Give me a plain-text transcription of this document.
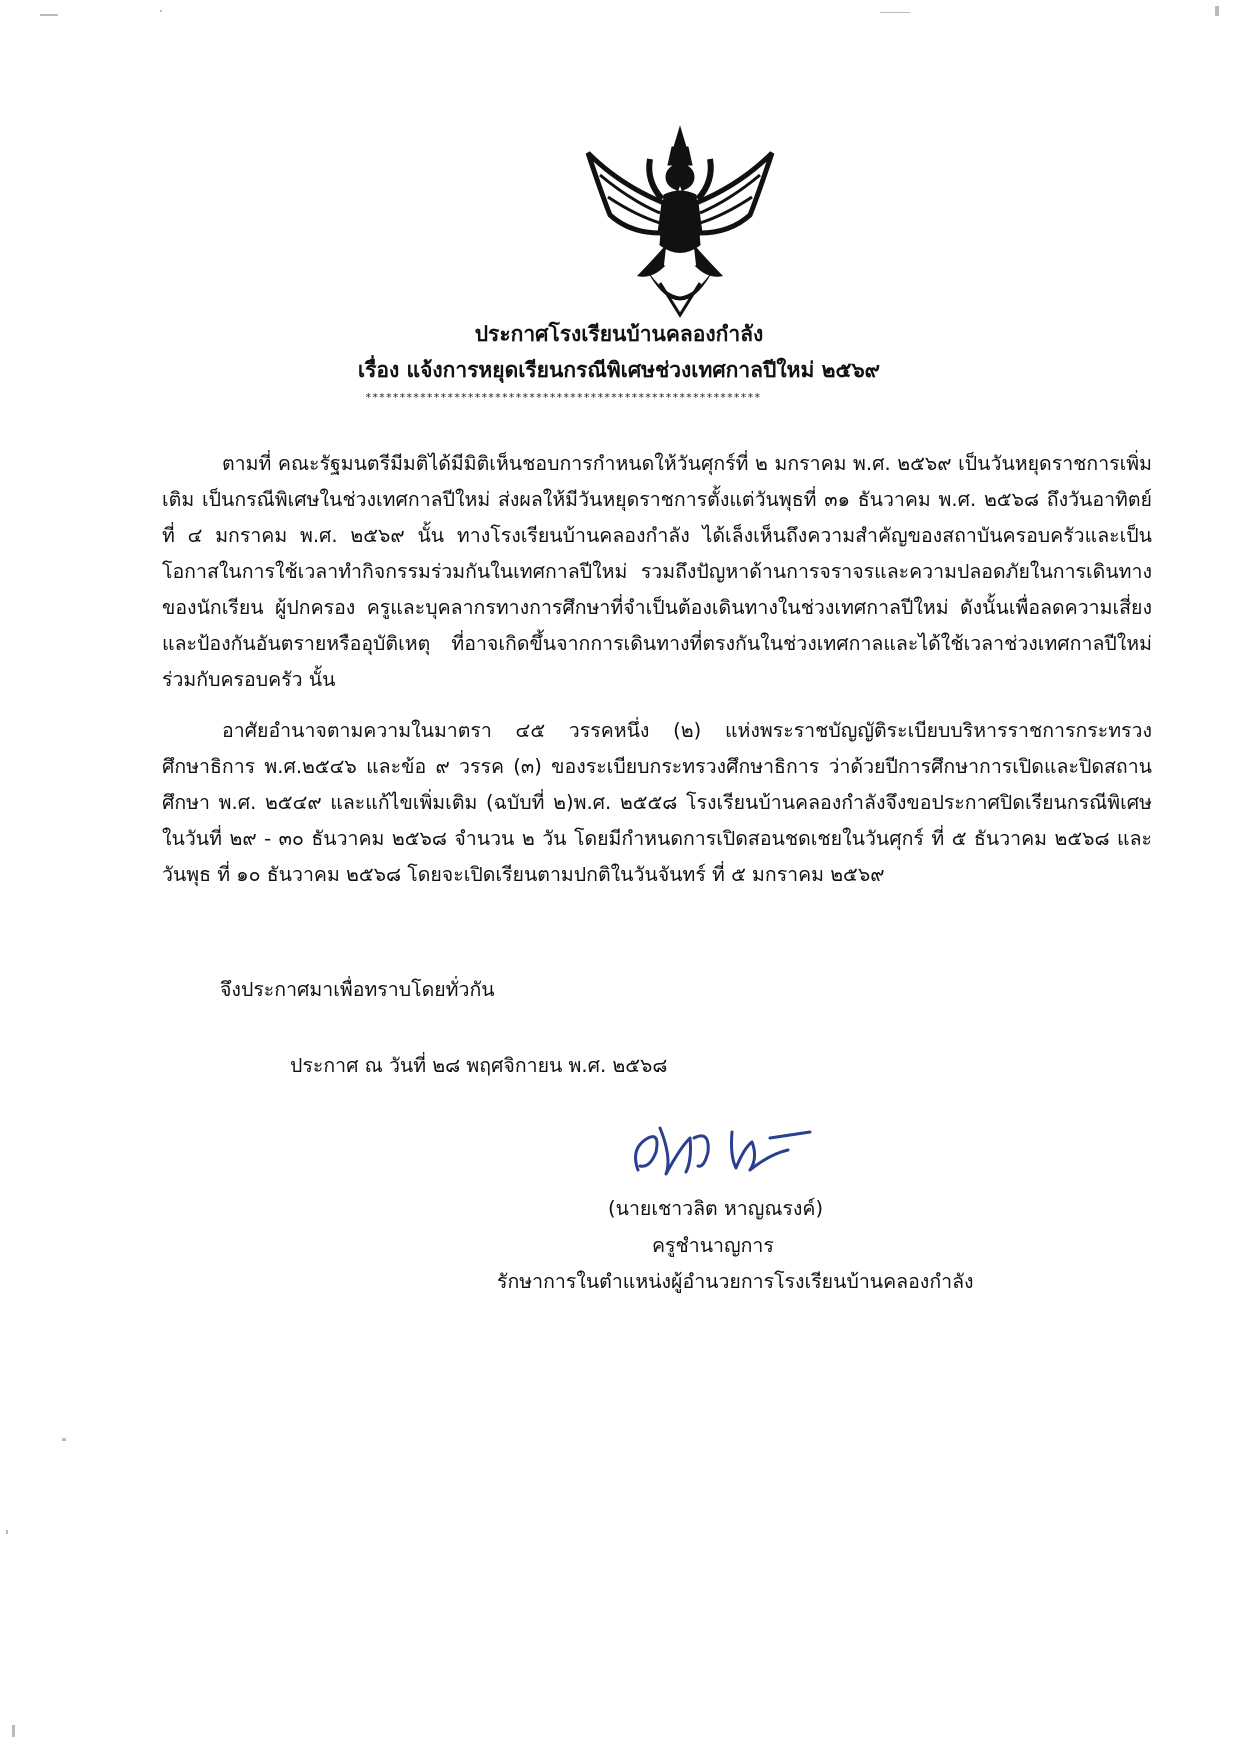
ประกาศโรงเรียนบ้านคลองกำลัง
เรื่อง แจ้งการหยุดเรียนกรณีพิเศษช่วงเทศกาลปีใหม่ ๒๕๖๙
**********************************************************
ตามที่ คณะรัฐมนตรีมีมติได้มีมิติเห็นชอบการกำหนดให้วันศุกร์ที่ ๒ มกราคม พ.ศ. ๒๕๖๙ เป็นวันหยุดราชการเพิ่มเติม เป็นกรณีพิเศษในช่วงเทศกาลปีใหม่ ส่งผลให้มีวันหยุดราชการตั้งแต่วันพุธที่ ๓๑ ธันวาคม พ.ศ. ๒๕๖๘ ถึงวันอาทิตย์ที่ ๔ มกราคม พ.ศ. ๒๕๖๙ นั้น ทางโรงเรียนบ้านคลองกำลัง ได้เล็งเห็นถึงความสำคัญของสถาบันครอบครัวและเป็นโอกาสในการใช้เวลาทำกิจกรรมร่วมกันในเทศกาลปีใหม่ รวมถึงปัญหาด้านการจราจรและความปลอดภัยในการเดินทางของนักเรียน ผู้ปกครอง ครูและบุคลากรทางการศึกษาที่จำเป็นต้องเดินทางในช่วงเทศกาลปีใหม่ ดังนั้นเพื่อลดความเสี่ยงและป้องกันอันตรายหรืออุบัติเหตุ ที่อาจเกิดขึ้นจากการเดินทางที่ตรงกันในช่วงเทศกาลและได้ใช้เวลาช่วงเทศกาลปีใหม่ร่วมกับครอบครัว นั้น
อาศัยอำนาจตามความในมาตรา ๔๕ วรรคหนึ่ง (๒) แห่งพระราชบัญญัติระเบียบบริหารราชการกระทรวงศึกษาธิการ พ.ศ.๒๕๔๖ และข้อ ๙ วรรค (๓) ของระเบียบกระทรวงศึกษาธิการ ว่าด้วยปีการศึกษาการเปิดและปิดสถานศึกษา พ.ศ. ๒๕๔๙ และแก้ไขเพิ่มเติม (ฉบับที่ ๒)พ.ศ. ๒๕๕๘ โรงเรียนบ้านคลองกำลังจึงขอประกาศปิดเรียนกรณีพิเศษ ในวันที่ ๒๙ - ๓๐ ธันวาคม ๒๕๖๘ จำนวน ๒ วัน โดยมีกำหนดการเปิดสอนชดเชยในวันศุกร์ ที่ ๕ ธันวาคม ๒๕๖๘ และวันพุธ ที่ ๑๐ ธันวาคม ๒๕๖๘ โดยจะเปิดเรียนตามปกติในวันจันทร์ ที่ ๕ มกราคม ๒๕๖๙
จึงประกาศมาเพื่อทราบโดยทั่วกัน
ประกาศ ณ วันที่ ๒๘ พฤศจิกายน พ.ศ. ๒๕๖๘
(นายเชาวลิต หาญณรงค์)
ครูชำนาญการ
รักษาการในตำแหน่งผู้อำนวยการโรงเรียนบ้านคลองกำลัง
